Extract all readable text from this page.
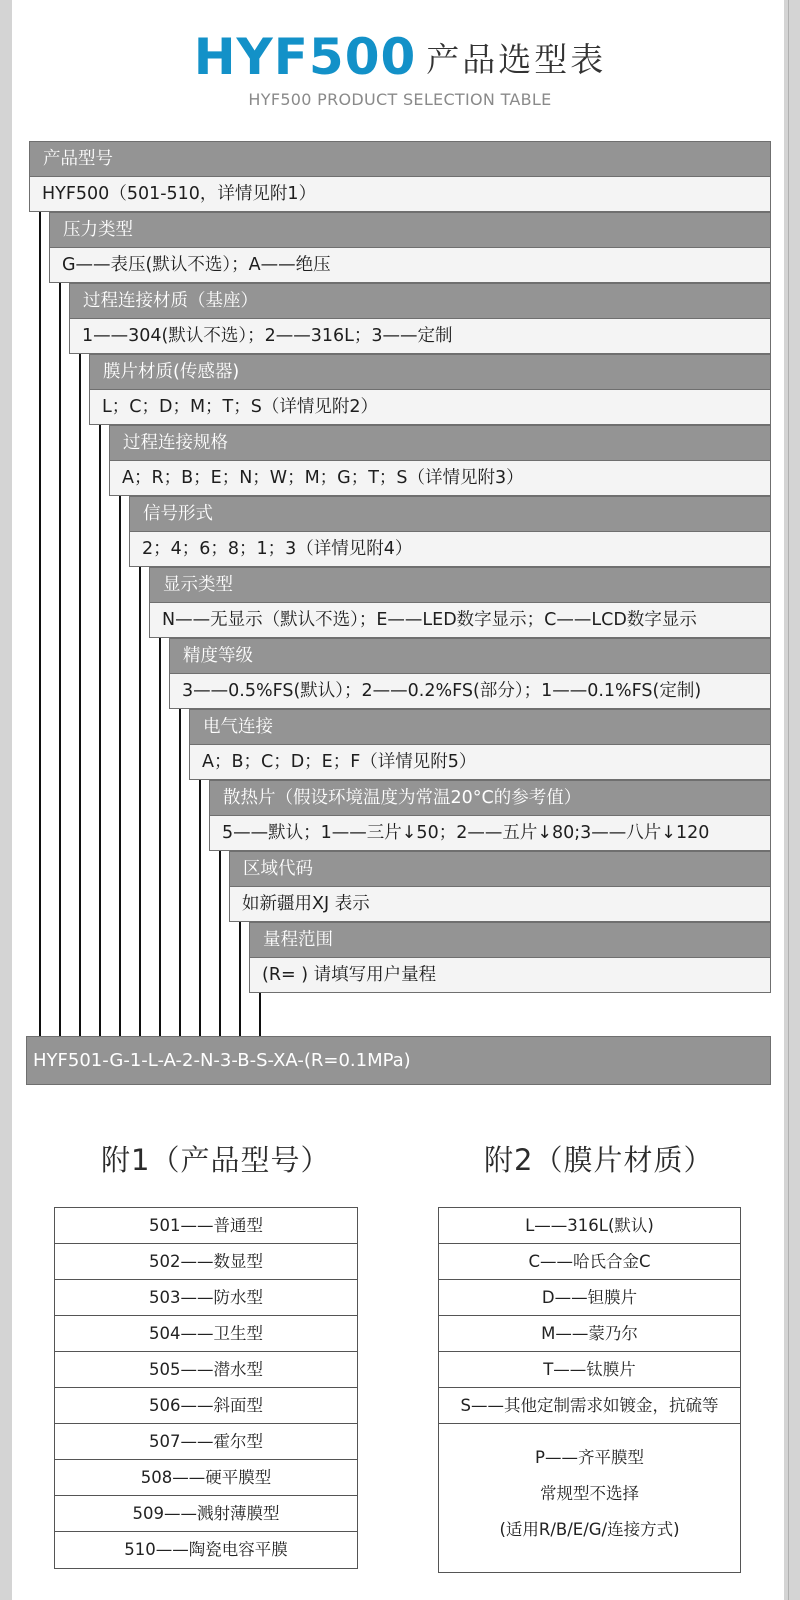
HYF500 产品选型表
HYF500 PRODUCT SELECTION TABLE
产品型号
HYF500（501-510，详情见附1）
压力类型
G——表压(默认不选）；A——绝压
过程连接材质（基座）
1——304(默认不选）；2——316L；3——定制
膜片材质(传感器)
L；C；D；M；T；S（详情见附2）
过程连接规格
A；R；B；E；N；W；M；G；T；S（详情见附3）
信号形式
2；4；6；8；1；3（详情见附4）
显示类型
N——无显示（默认不选）；E——LED数字显示；C——LCD数字显示
精度等级
3——0.5%FS(默认）；2——0.2%FS(部分）；1——0.1%FS(定制)
电气连接
A；B；C；D；E；F（详情见附5）
散热片（假设环境温度为常温20°C的参考值）
5——默认；1——三片↓50；2——五片↓80;3——八片↓120
区域代码
如新疆用XJ 表示
量程范围
(R= ) 请填写用户量程
HYF501-G-1-L-A-2-N-3-B-S-XA-(R=0.1MPa)
附1（产品型号）	附2（膜片材质）
501——普通型
502——数显型
503——防水型
504——卫生型
505——潜水型
506——斜面型
507——霍尔型
508——硬平膜型
509——溅射薄膜型
510——陶瓷电容平膜
L——316L(默认)
C——哈氏合金C
D——钽膜片
M——蒙乃尔
T——钛膜片
S——其他定制需求如镀金，抗硫等
P——齐平膜型
常规型不选择
(适用R/B/E/G/连接方式)
